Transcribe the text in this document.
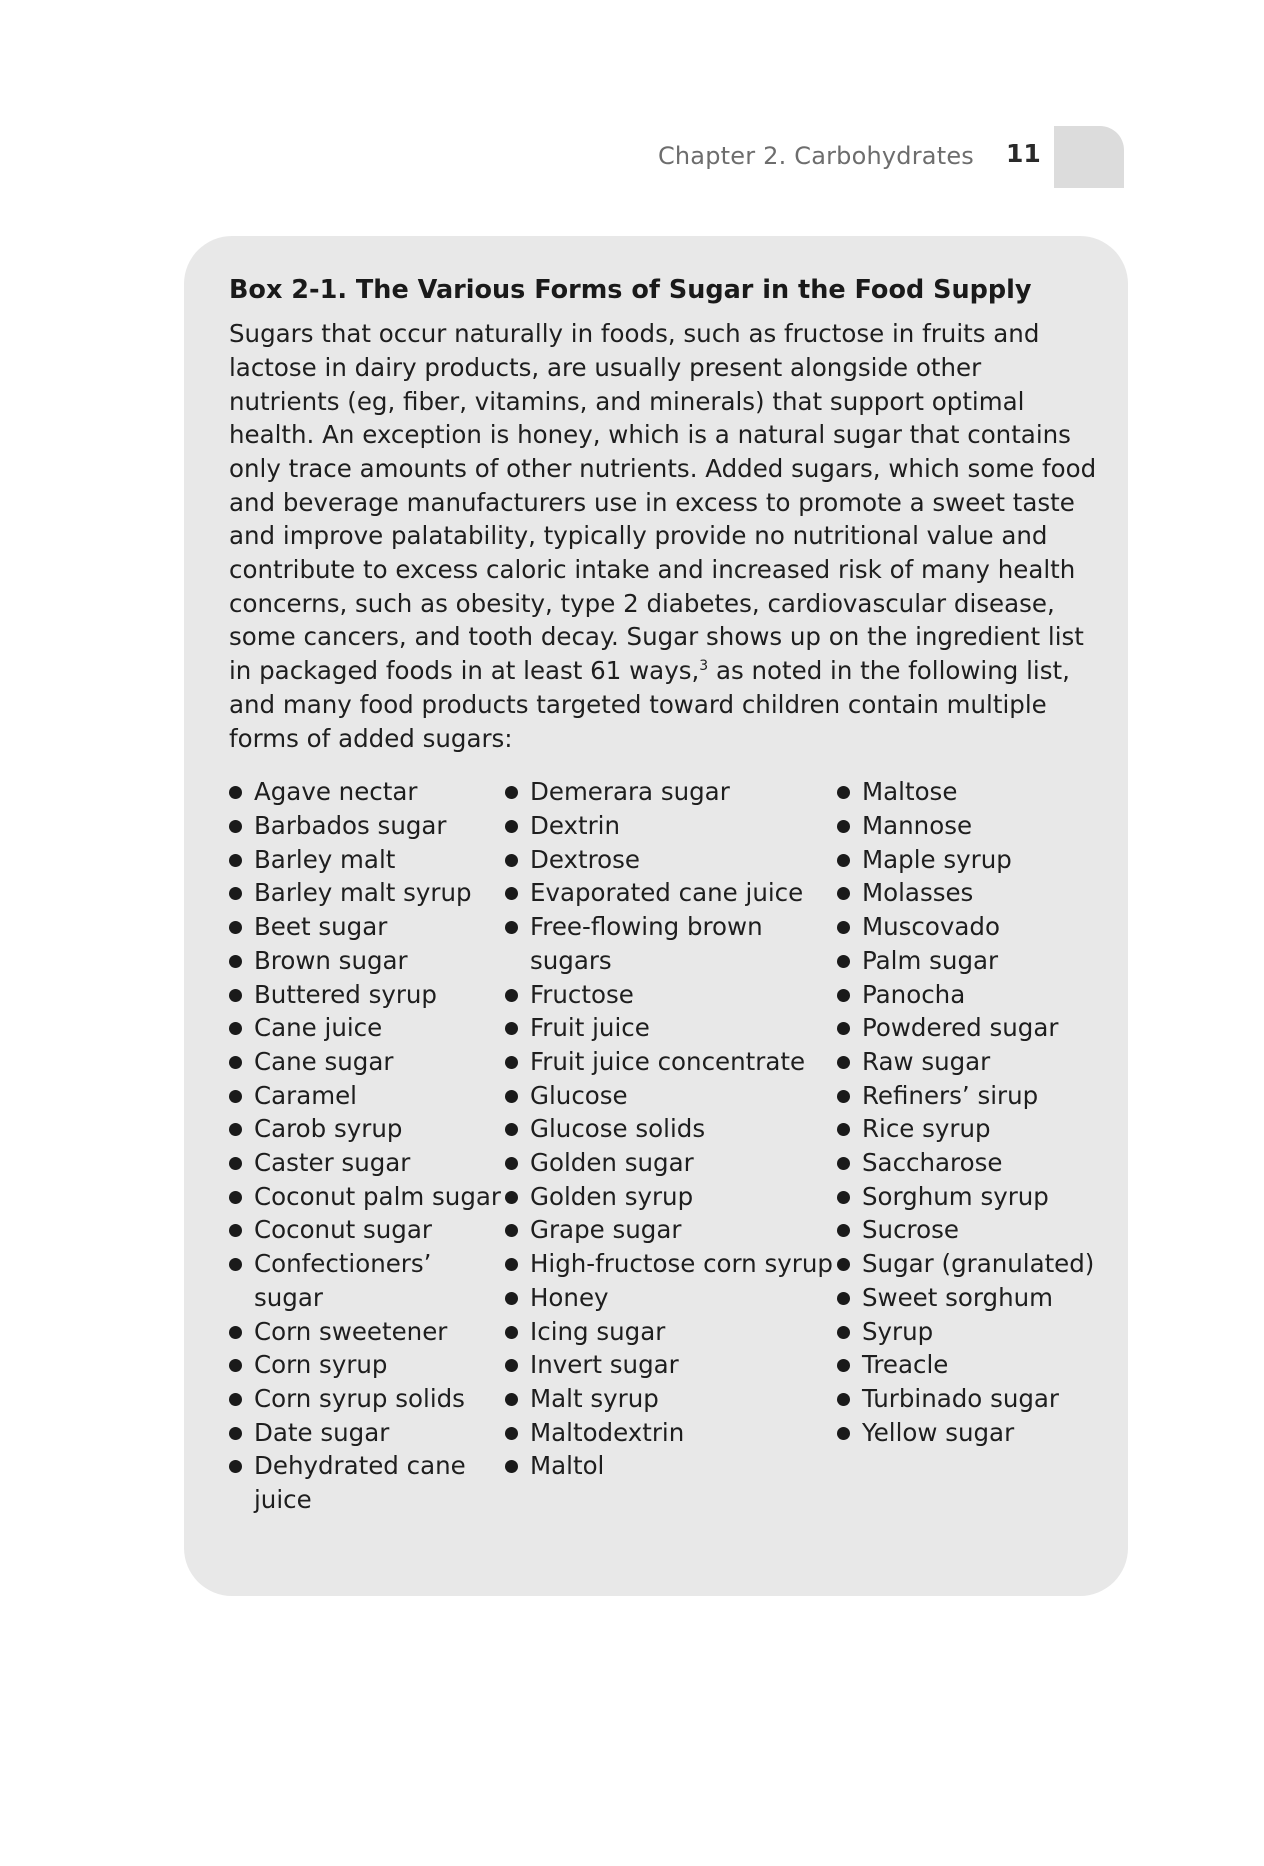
Chapter 2. Carbohydrates 11
Box 2-1. The Various Forms of Sugar in the Food Supply

Sugars that occur naturally in foods, such as fructose in fruits and lactose in dairy products, are usually present alongside other nutrients (eg, fiber, vitamins, and minerals) that support optimal health. An exception is honey, which is a natural sugar that contains only trace amounts of other nutrients. Added sugars, which some food and beverage manufacturers use in excess to promote a sweet taste and improve palatability, typically provide no nutritional value and contribute to excess caloric intake and increased risk of many health concerns, such as obesity, type 2 diabetes, cardiovascular disease, some cancers, and tooth decay. Sugar shows up on the ingredient list in packaged foods in at least 61 ways,$^3$ as noted in the following list, and many food products targeted toward children contain multiple forms of added sugars:

Agave nectar
Barbados sugar
Barley malt
Barley malt syrup
Beet sugar
Brown sugar
Buttered syrup
Cane juice
Cane sugar
Caramel
Carob syrup
Caster sugar
Coconut palm sugar
Coconut sugar
Confectioners’ sugar
Corn sweetener
Corn syrup
Corn syrup solids
Date sugar
Dehydrated cane juice
Demerara sugar
Dextrin
Dextrose
Evaporated cane juice
Free-flowing brown sugars
Fructose
Fruit juice
Fruit juice concentrate
Glucose
Glucose solids
Golden sugar
Golden syrup
Grape sugar
High-fructose corn syrup
Honey
Icing sugar
Invert sugar
Malt syrup
Maltodextrin
Maltol
Maltose
Mannose
Maple syrup
Molasses
Muscovado
Palm sugar
Panocha
Powdered sugar
Raw sugar
Refiners’ sirup
Rice syrup
Saccharose
Sorghum syrup
Sucrose
Sugar (granulated)
Sweet sorghum
Syrup
Treacle
Turbinado sugar
Yellow sugar
